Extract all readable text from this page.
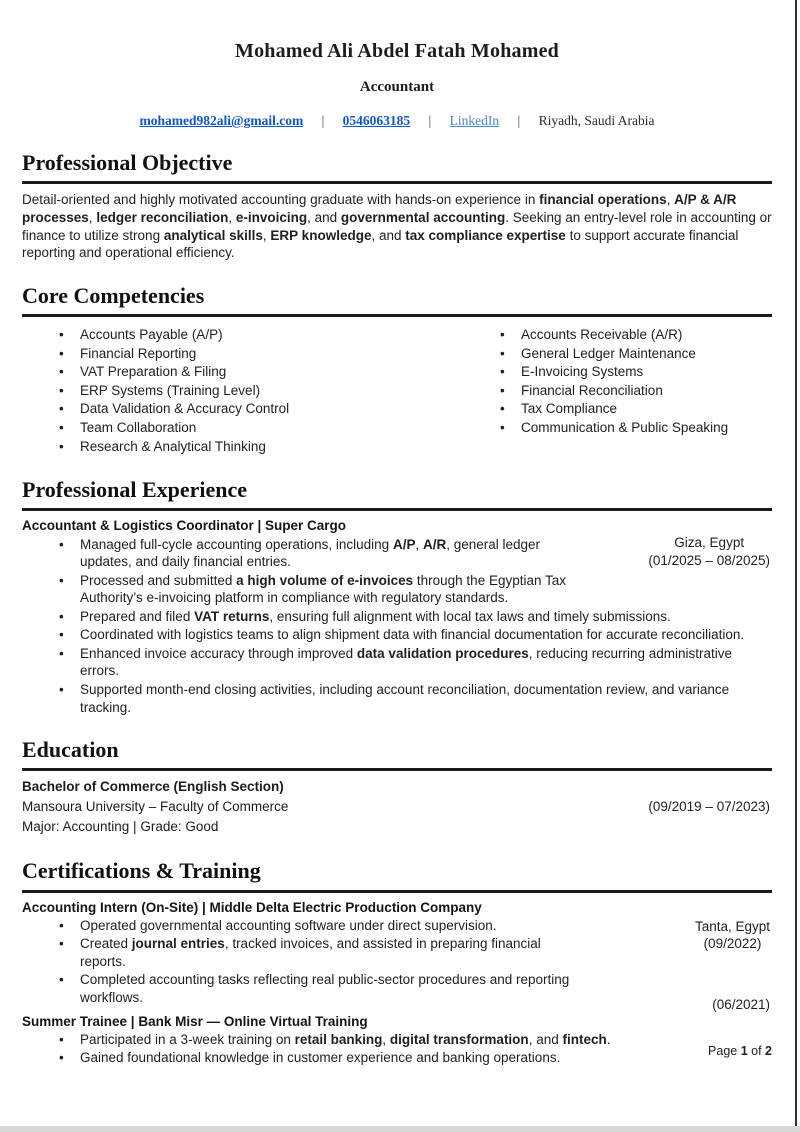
Mohamed Ali Abdel Fatah Mohamed
Accountant
mohamed982ali@gmail.com | 0546063185 | LinkedIn | Riyadh, Saudi Arabia
Professional Objective
Detail-oriented and highly motivated accounting graduate with hands-on experience in financial operations, A/P & A/R processes, ledger reconciliation, e-invoicing, and governmental accounting. Seeking an entry-level role in accounting or finance to utilize strong analytical skills, ERP knowledge, and tax compliance expertise to support accurate financial reporting and operational efficiency.
Core Competencies
• Accounts Payable (A/P)
• Financial Reporting
• VAT Preparation & Filing
• ERP Systems (Training Level)
• Data Validation & Accuracy Control
• Team Collaboration
• Research & Analytical Thinking
• Accounts Receivable (A/R)
• General Ledger Maintenance
• E-Invoicing Systems
• Financial Reconciliation
• Tax Compliance
• Communication & Public Speaking
Professional Experience
Accountant & Logistics Coordinator | Super Cargo
Giza, Egypt
(01/2025 – 08/2025)
• Managed full-cycle accounting operations, including A/P, A/R, general ledger updates, and daily financial entries.
• Processed and submitted a high volume of e-invoices through the Egyptian Tax Authority’s e-invoicing platform in compliance with regulatory standards.
• Prepared and filed VAT returns, ensuring full alignment with local tax laws and timely submissions.
• Coordinated with logistics teams to align shipment data with financial documentation for accurate reconciliation.
• Enhanced invoice accuracy through improved data validation procedures, reducing recurring administrative errors.
• Supported month-end closing activities, including account reconciliation, documentation review, and variance tracking.
Education
Bachelor of Commerce (English Section)
Mansoura University – Faculty of Commerce
Major: Accounting | Grade: Good
(09/2019 – 07/2023)
Certifications & Training
Accounting Intern (On-Site) | Middle Delta Electric Production Company
Tanta, Egypt
(09/2022)
• Operated governmental accounting software under direct supervision.
• Created journal entries, tracked invoices, and assisted in preparing financial reports.
• Completed accounting tasks reflecting real public-sector procedures and reporting workflows.
Summer Trainee | Bank Misr — Online Virtual Training
(06/2021)
• Participated in a 3-week training on retail banking, digital transformation, and fintech.
• Gained foundational knowledge in customer experience and banking operations.	Page 1 of 2
